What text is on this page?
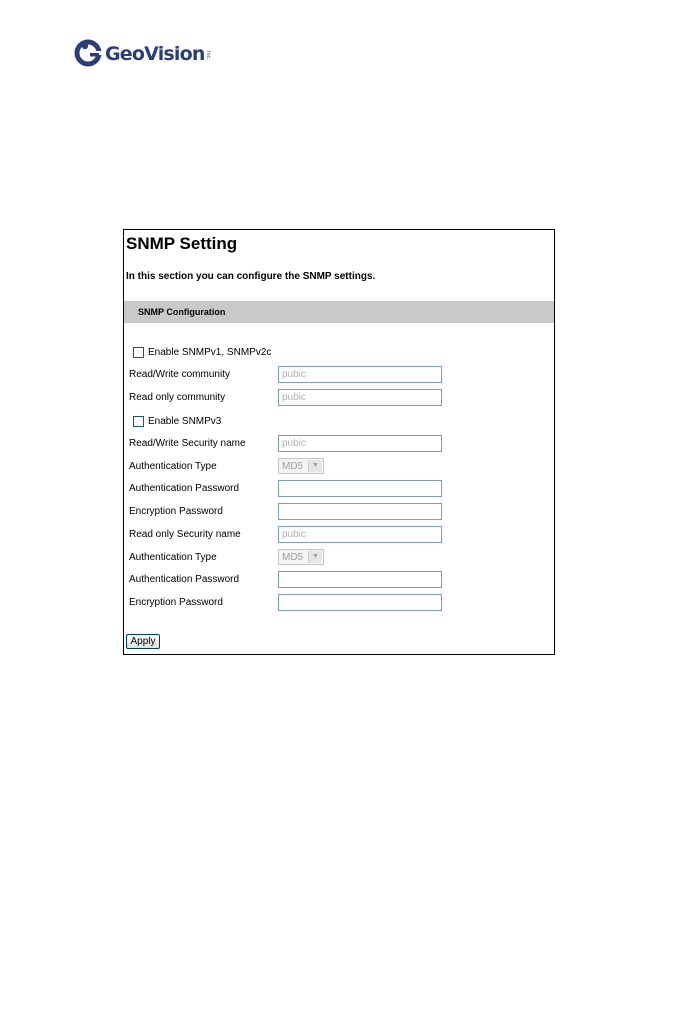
GeoVision Inc.
SNMP Setting
In this section you can configure the SNMP settings.
SNMP Configuration
Enable SNMPv1, SNMPv2c
Read/Write community	pubic
Read only community	pubic
Enable SNMPv3
Read/Write Security name	pubic
Authentication Type	MD5	▼
Authentication Password
Encryption Password
Read only Security name	pubic
Authentication Type	MD5	▼
Authentication Password
Encryption Password
Apply
